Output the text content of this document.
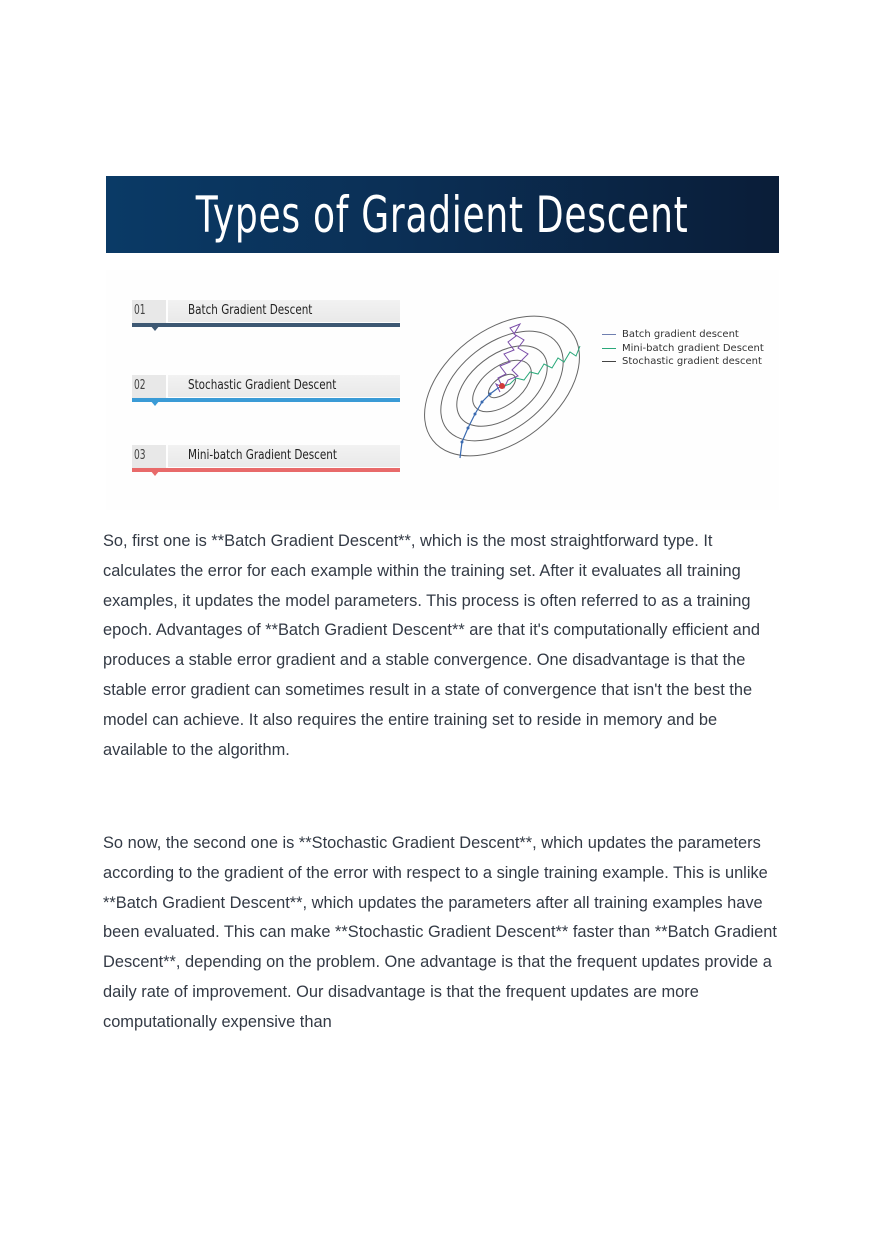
Types of Gradient Descent
01	Batch Gradient Descent
02	Stochastic Gradient Descent
03	Mini-batch Gradient Descent
Batch gradient descent
Mini-batch gradient Descent
Stochastic gradient descent

So, first one is **Batch Gradient Descent**, which is the most straightforward type. It calculates the error for each example within the training set. After it evaluates all training examples, it updates the model parameters. This process is often referred to as a training epoch. Advantages of **Batch Gradient Descent** are that it's computationally efficient and produces a stable error gradient and a stable convergence. One disadvantage is that the stable error gradient can sometimes result in a state of convergence that isn't the best the model can achieve. It also requires the entire training set to reside in memory and be available to the algorithm.

So now, the second one is **Stochastic Gradient Descent**, which updates the parameters according to the gradient of the error with respect to a single training example. This is unlike **Batch Gradient Descent**, which updates the parameters after all training examples have been evaluated. This can make **Stochastic Gradient Descent** faster than **Batch Gradient Descent**, depending on the problem. One advantage is that the frequent updates provide a daily rate of improvement. Our disadvantage is that the frequent updates are more computationally expensive than
